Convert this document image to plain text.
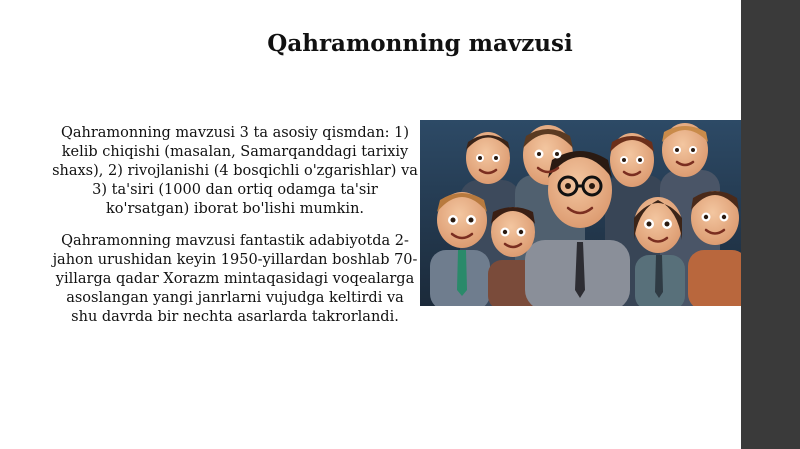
Qahramonning mavzusi
Qahramonning mavzusi 3 ta asosiy qismdan: 1) kelib chiqishi (masalan, Samarqanddagi tarixiy shaxs), 2) rivojlanishi (4 bosqichli o'zgarishlar) va 3) ta'siri (1000 dan ortiq odamga ta'sir ko'rsatgan) iborat bo'lishi mumkin.
Qahramonning mavzusi fantastik adabiyotda 2-jahon urushidan keyin 1950-yillardan boshlab 70-yillarga qadar Xorazm mintaqasidagi voqealarga asoslangan yangi janrlarni vujudga keltirdi va shu davrda bir nechta asarlarda takrorlandi.
